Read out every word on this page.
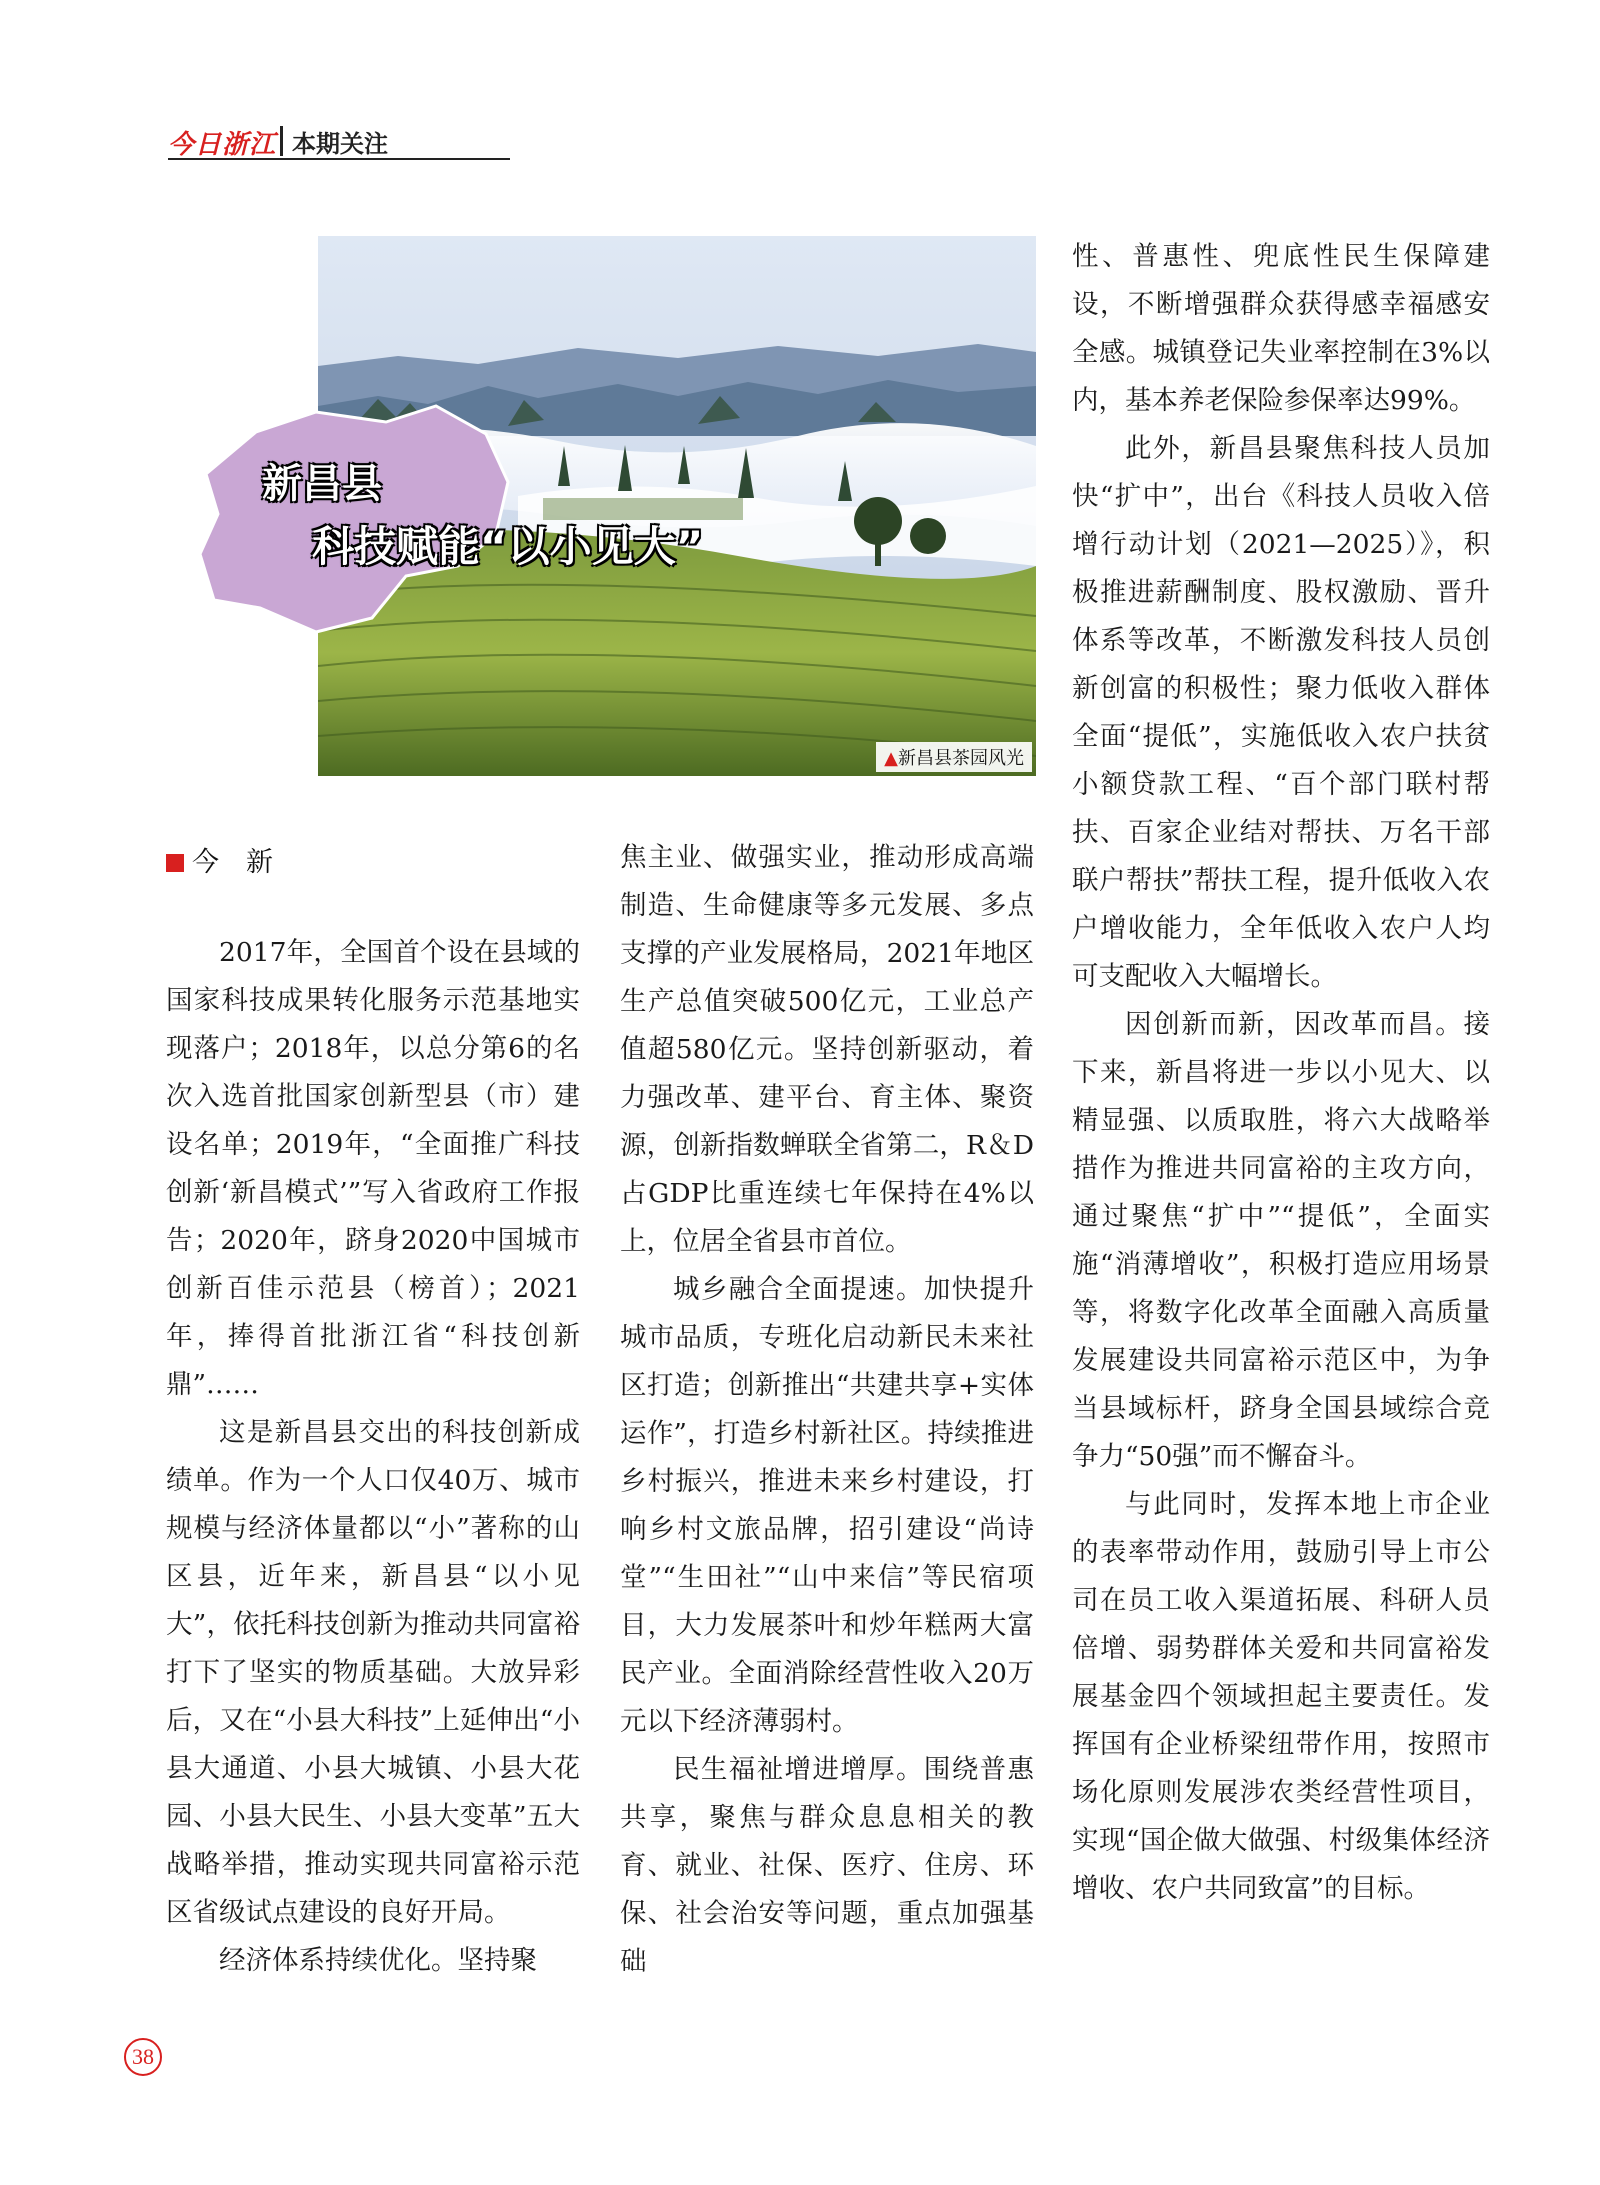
今日浙江 本期关注
▲新昌县茶园风光
新昌县
科技赋能“以小见大”
今　新

2017年，全国首个设在县域的国家科技成果转化服务示范基地实现落户；2018年，以总分第6的名次入选首批国家创新型县（市）建设名单；2019年，“全面推广科技创新‘新昌模式’”写入省政府工作报告；2020年，跻身2020中国城市创新百佳示范县（榜首）；2021年，捧得首批浙江省“科技创新鼎”……

这是新昌县交出的科技创新成绩单。作为一个人口仅40万、城市规模与经济体量都以“小”著称的山区县，近年来，新昌县“以小见大”，依托科技创新为推动共同富裕打下了坚实的物质基础。大放异彩后，又在“小县大科技”上延伸出“小县大通道、小县大城镇、小县大花园、小县大民生、小县大变革”五大战略举措，推动实现共同富裕示范区省级试点建设的良好开局。

经济体系持续优化。坚持聚

焦主业、做强实业，推动形成高端制造、生命健康等多元发展、多点支撑的产业发展格局，2021年地区生产总值突破500亿元，工业总产值超580亿元。坚持创新驱动，着力强改革、建平台、育主体、聚资源，创新指数蝉联全省第二，R＆D占GDP比重连续七年保持在4%以上，位居全省县市首位。

城乡融合全面提速。加快提升城市品质，专班化启动新民未来社区打造；创新推出“共建共享+实体运作”，打造乡村新社区。持续推进乡村振兴，推进未来乡村建设，打响乡村文旅品牌，招引建设“尚诗堂”“生田社”“山中来信”等民宿项目，大力发展茶叶和炒年糕两大富民产业。全面消除经营性收入20万元以下经济薄弱村。

民生福祉增进增厚。围绕普惠共享，聚焦与群众息息相关的教育、就业、社保、医疗、住房、环保、社会治安等问题，重点加强基础

性、普惠性、兜底性民生保障建设，不断增强群众获得感幸福感安全感。城镇登记失业率控制在3%以内，基本养老保险参保率达99%。

此外，新昌县聚焦科技人员加快“扩中”，出台《科技人员收入倍增行动计划（2021—2025）》，积极推进薪酬制度、股权激励、晋升体系等改革，不断激发科技人员创新创富的积极性；聚力低收入群体全面“提低”，实施低收入农户扶贫小额贷款工程、“百个部门联村帮扶、百家企业结对帮扶、万名干部联户帮扶”帮扶工程，提升低收入农户增收能力，全年低收入农户人均可支配收入大幅增长。

因创新而新，因改革而昌。接下来，新昌将进一步以小见大、以精显强、以质取胜，将六大战略举措作为推进共同富裕的主攻方向，通过聚焦“扩中”“提低”，全面实施“消薄增收”，积极打造应用场景等，将数字化改革全面融入高质量发展建设共同富裕示范区中，为争当县域标杆，跻身全国县域综合竞争力“50强”而不懈奋斗。

与此同时，发挥本地上市企业的表率带动作用，鼓励引导上市公司在员工收入渠道拓展、科研人员倍增、弱势群体关爱和共同富裕发展基金四个领域担起主要责任。发挥国有企业桥梁纽带作用，按照市场化原则发展涉农类经营性项目，实现“国企做大做强、村级集体经济增收、农户共同致富”的目标。

38
